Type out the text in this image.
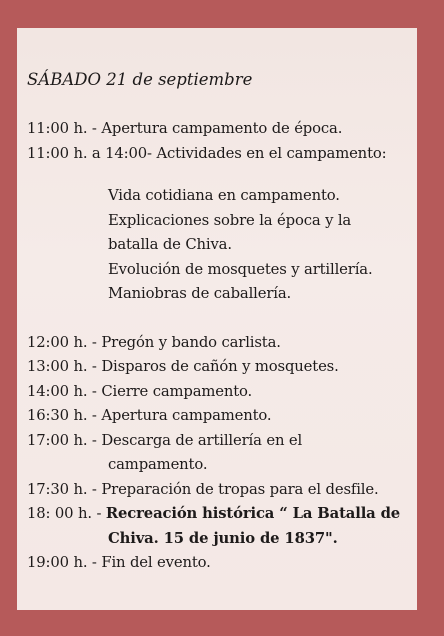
SÁBADO 21 de septiembre
11:00 h. - Apertura campamento de época.
11:00 h. a 14:00- Actividades en el campamento:
Vida cotidiana en campamento.
Explicaciones sobre la época y la
batalla de Chiva.
Evolución de mosquetes y artillería.
Maniobras de caballería.
12:00 h. - Pregón y bando carlista.
13:00 h. - Disparos de cañón y mosquetes.
14:00 h. - Cierre campamento.
16:30 h. - Apertura campamento.
17:00 h. - Descarga de artillería en el
campamento.
17:30 h. - Preparación de tropas para el desfile.
18: 00 h. - Recreación histórica “ La Batalla de
Chiva. 15 de junio de 1837".
19:00 h. - Fin del evento.
